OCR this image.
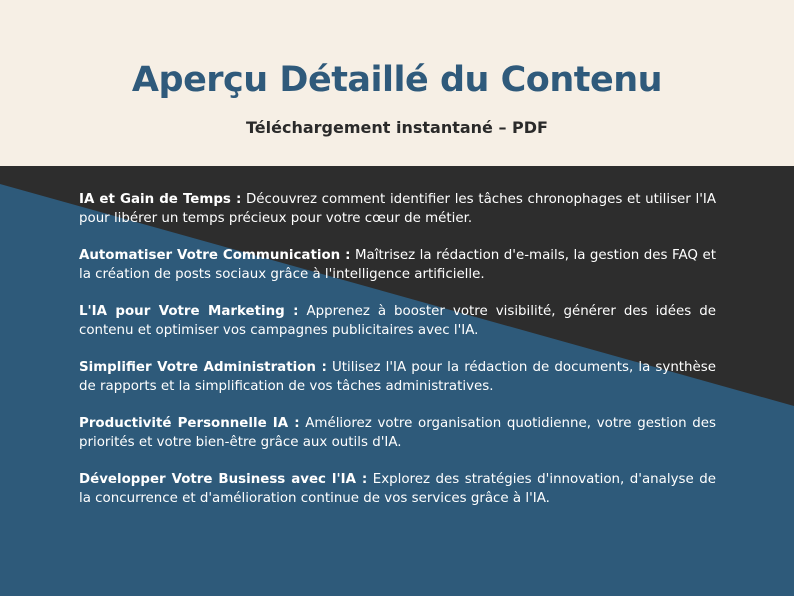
Aperçu Détaillé du Contenu

Téléchargement instantané – PDF

IA et Gain de Temps : Découvrez comment identifier les tâches chronophages et utiliser l'IA pour libérer un temps précieux pour votre cœur de métier.

Automatiser Votre Communication : Maîtrisez la rédaction d'e-mails, la gestion des FAQ et la création de posts sociaux grâce à l'intelligence artificielle.

L'IA pour Votre Marketing : Apprenez à booster votre visibilité, générer des idées de contenu et optimiser vos campagnes publicitaires avec l'IA.

Simplifier Votre Administration : Utilisez l'IA pour la rédaction de documents, la synthèse de rapports et la simplification de vos tâches administratives.

Productivité Personnelle IA : Améliorez votre organisation quotidienne, votre gestion des priorités et votre bien-être grâce aux outils d'IA.

Développer Votre Business avec l'IA : Explorez des stratégies d'innovation, d'analyse de la concurrence et d'amélioration continue de vos services grâce à l'IA.
